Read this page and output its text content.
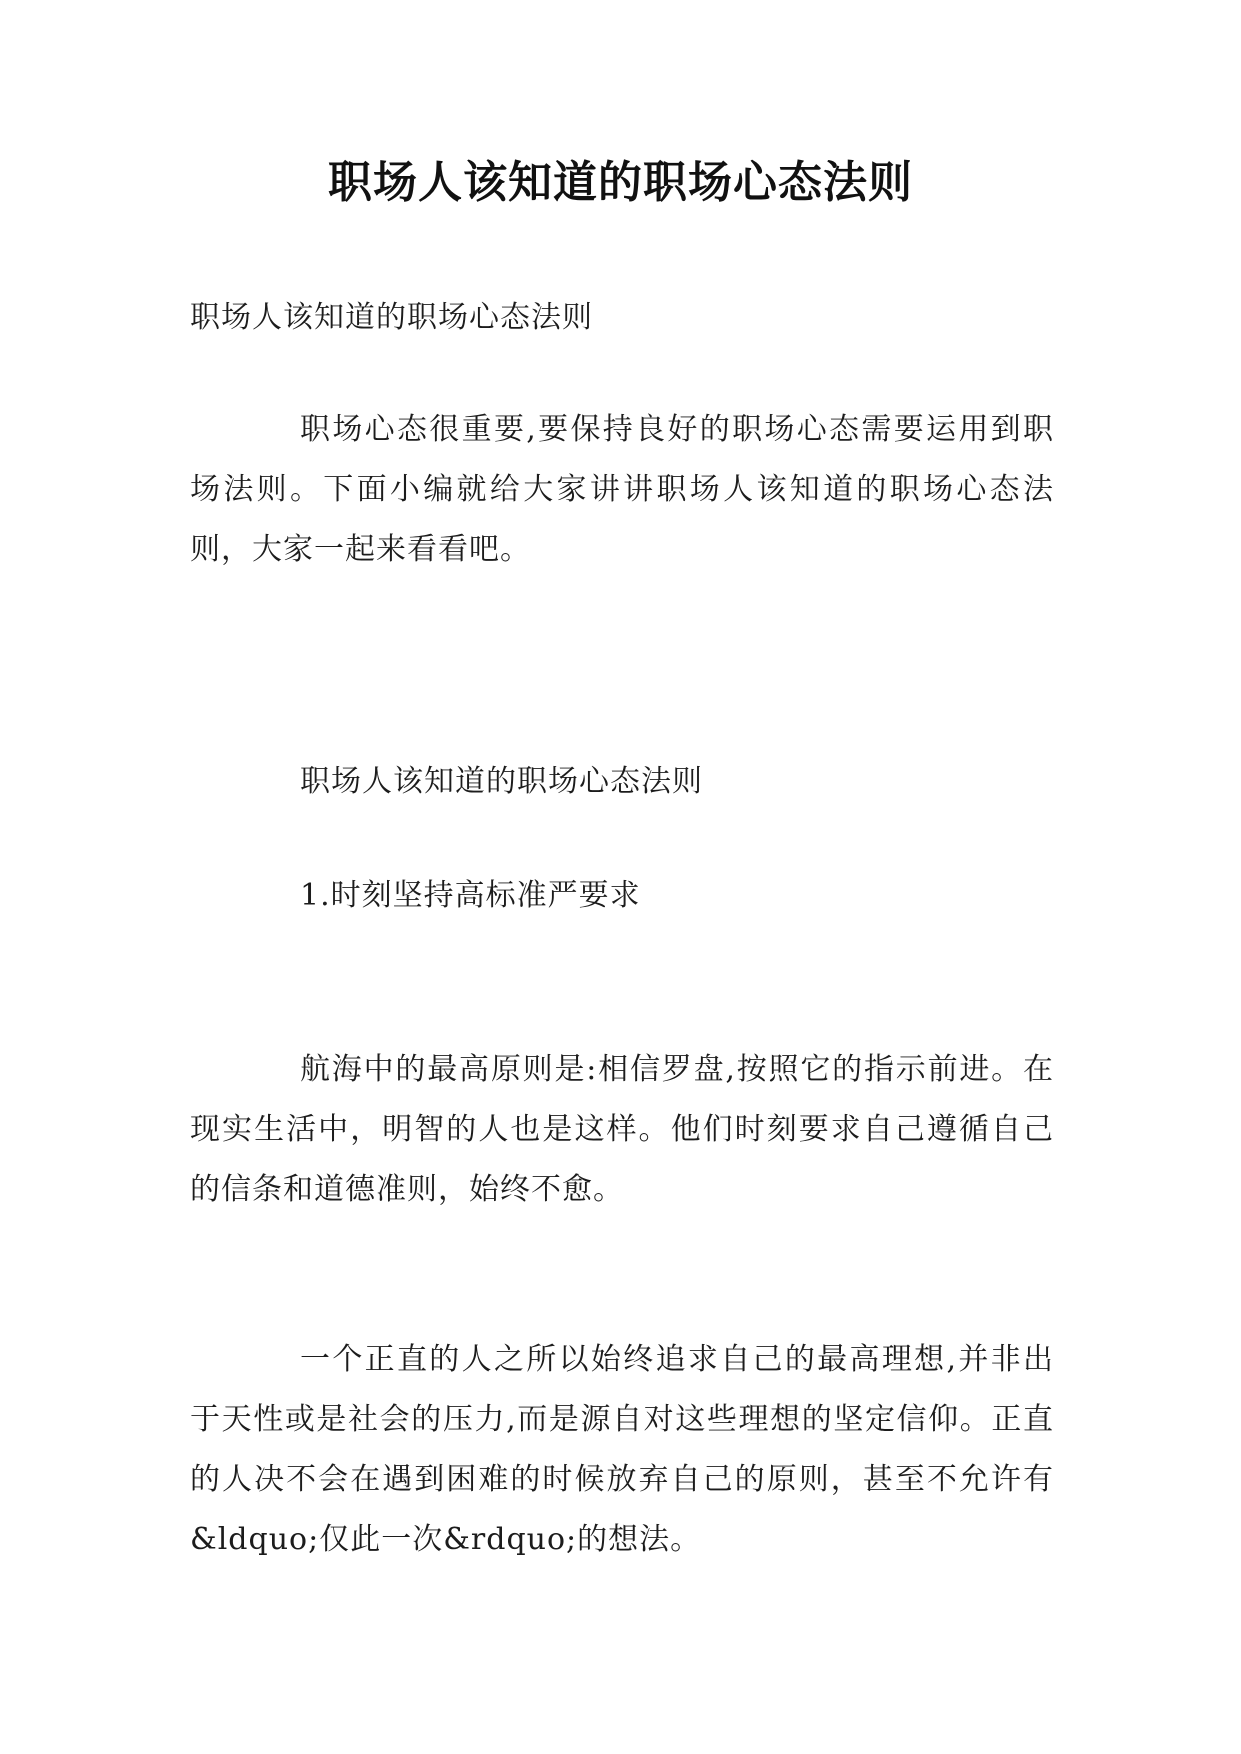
职场人该知道的职场心态法则
职场人该知道的职场心态法则
职场心态很重要,要保持良好的职场心态需要运用到职场法则。下面小编就给大家讲讲职场人该知道的职场心态法则，大家一起来看看吧。
职场人该知道的职场心态法则
1.时刻坚持高标准严要求
航海中的最高原则是:相信罗盘,按照它的指示前进。在现实生活中，明智的人也是这样。他们时刻要求自己遵循自己的信条和道德准则，始终不愈。
一个正直的人之所以始终追求自己的最高理想,并非出于天性或是社会的压力,而是源自对这些理想的坚定信仰。正直的人决不会在遇到困难的时候放弃自己的原则，甚至不允许有&ldquo;仅此一次&rdquo;的想法。
